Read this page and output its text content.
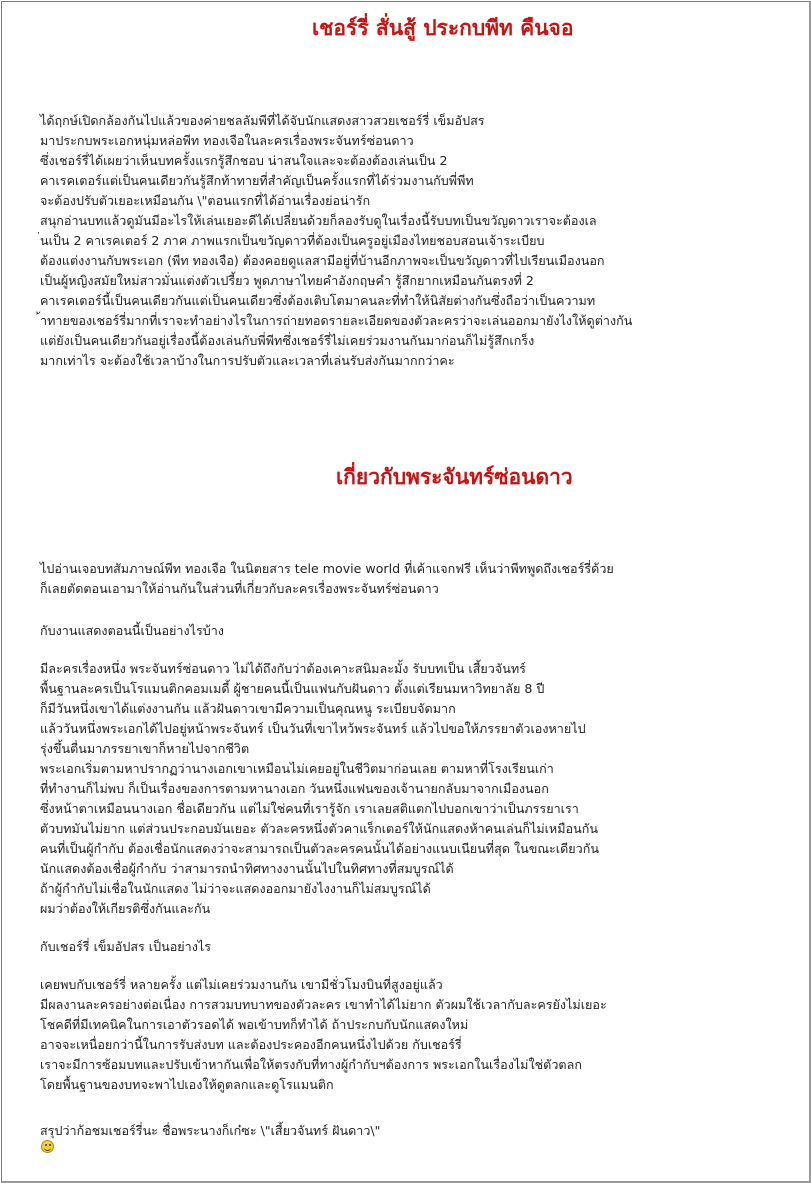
เชอร์รี่ สั่นสู้ ประกบพีท คืนจอ
ได้ฤกษ์เปิดกล้องกันไปแล้วของค่ายชลลัมพีที่ได้จับนักแสดงสาวสวยเชอร์รี่ เข็มอัปสร
มาประกบพระเอกหนุ่มหล่อพีท ทองเจือในละครเรื่องพระจันทร์ซ่อนดาว
ซึ่งเชอร์รี่ได้เผยว่าเห็นบทครั้งแรกรู้สึกชอบ น่าสนใจและจะต้องต้องเล่นเป็น 2
คาเรคเตอร์แต่เป็นคนเดียวกันรู้สึกท้าทายที่สำคัญเป็นครั้งแรกที่ได้ร่วมงานกับพี่พีท
จะต้องปรับตัวเยอะเหมือนกัน \"ตอนแรกที่ได้อ่านเรื่องย่อน่ารัก
สนุกอ่านบทแล้วดูมันมีอะไรให้เล่นเยอะดีได้เปลี่ยนด้วยก็ลองรับดูในเรื่องนี้รับบทเป็นขวัญดาวเราจะต้องเล
่นเป็น 2 คาเรคเตอร์ 2 ภาค ภาพแรกเป็นขวัญดาวที่ต้องเป็นครูอยู่เมืองไทยชอบสอนเจ้าระเบียบ
ต้องแต่งงานกับพระเอก (พีท ทองเจือ) ต้องคอยดูแลสามีอยู่ที่บ้านอีกภาพจะเป็นขวัญดาวที่ไปเรียนเมืองนอก
เป็นผู้หญิงสมัยใหม่สาวมั่นแต่งตัวเปรี้ยว พูดภาษาไทยคำอังกฤษคำ รู้สึกยากเหมือนกันตรงที่ 2
คาเรคเตอร์นี้เป็นคนเดียวกันแต่เป็นคนเดียวซึ่งต้องเติบโตมาคนละที่ทำให้นิสัยต่างกันซึ่งถือว่าเป็นความท
้าทายของเชอร์รี่มากที่เราจะทำอย่างไรในการถ่ายทอดรายละเอียดของตัวละครว่าจะเล่นออกมายังไงให้ดูต่างกัน
แต่ยังเป็นคนเดียวกันอยู่เรื่องนี้ต้องเล่นกับพี่พีทซึ่งเชอร์รี่ไม่เคยร่วมงานกันมาก่อนก็ไม่รู้สึกเกร็ง
มากเท่าไร จะต้องใช้เวลาบ้างในการปรับตัวและเวลาที่เล่นรับส่งกันมากกว่าคะ
เกี่ยวกับพระจันทร์ซ่อนดาว
ไปอ่านเจอบทสัมภาษณ์พีท ทองเจือ ในนิตยสาร tele movie world ที่เค้าแจกฟรี เห็นว่าพีทพูดถึงเชอร์รี่ด้วย
ก็เลยตัดตอนเอามาให้อ่านกันในส่วนที่เกี่ยวกับละครเรื่องพระจันทร์ซ่อนดาว
กับงานแสดงตอนนี้เป็นอย่างไรบ้าง
มีละครเรื่องหนึ่ง พระจันทร์ซ่อนดาว ไม่ได้ถึงกับว่าต้องเคาะสนิมละมั้ง รับบทเป็น เสี้ยวจันทร์
พื้นฐานละครเป็นโรแมนติกคอมเมดี้ ผู้ชายคนนี้เป็นแฟนกับฝันดาว ตั้งแต่เรียนมหาวิทยาลัย 8 ปี
ก็มีวันหนึ่งเขาได้แต่งงานกัน แล้วฝันดาวเขามีความเป็นคุณหนู ระเบียบจัดมาก
แล้ววันหนึ่งพระเอกได้ไปอยู่หน้าพระจันทร์ เป็นวันที่เขาไหว้พระจันทร์ แล้วไปขอให้ภรรยาตัวเองหายไป
รุ่งขึ้นตื่นมาภรรยาเขาก็หายไปจากชีวิต
พระเอกเริ่มตามหาปรากฏว่านางเอกเขาเหมือนไม่เคยอยู่ในชีวิตมาก่อนเลย ตามหาที่โรงเรียนเก่า
ที่ทำงานก็ไม่พบ ก็เป็นเรื่องของการตามหานางเอก วันหนึ่งแฟนของเจ้านายกลับมาจากเมืองนอก
ซึ่งหน้าตาเหมือนนางเอก ชื่อเดียวกัน แต่ไม่ใช่คนที่เรารู้จัก เราเลยสติแตกไปบอกเขาว่าเป็นภรรยาเรา
ตัวบทมันไม่ยาก แต่ส่วนประกอบมันเยอะ ตัวละครหนึ่งตัวคาแร็กเตอร์ให้นักแสดงห้าคนเล่นก็ไม่เหมือนกัน
คนที่เป็นผู้กำกับ ต้องเชื่อนักแสดงว่าจะสามารถเป็นตัวละครคนนั้นได้อย่างแนบเนียนที่สุด ในขณะเดียวกัน
นักแสดงต้องเชื่อผู้กำกับ ว่าสามารถนำทิศทางงานนั้นไปในทิศทางที่สมบูรณ์ได้
ถ้าผู้กำกับไม่เชื่อในนักแสดง ไม่ว่าจะแสดงออกมายังไงงานก็ไม่สมบูรณ์ได้
ผมว่าต้องให้เกียรติซึ่งกันและกัน
กับเชอร์รี่ เข็มอัปสร เป็นอย่างไร
เคยพบกับเชอร์รี่ หลายครั้ง แต่ไม่เคยร่วมงานกัน เขามีชั่วโมงบินที่สูงอยู่แล้ว
มีผลงานละครอย่างต่อเนื่อง การสวมบทบาทของตัวละคร เขาทำได้ไม่ยาก ตัวผมใช้เวลากับละครยังไม่เยอะ
โชคดีที่มีเทคนิคในการเอาตัวรอดได้ พอเข้าบทก็ทำได้ ถ้าประกบกับนักแสดงใหม่
อาจจะเหนื่อยกว่านี้ในการรับส่งบท และต้องประคองอีกคนหนึ่งไปด้วย กับเชอร์รี่
เราจะมีการซ้อมบทและปรับเข้าหากันเพื่อให้ตรงกับที่ทางผู้กำกับฯต้องการ พระเอกในเรื่องไม่ใช่ตัวตลก
โดยพื้นฐานของบทจะพาไปเองให้ดูตลกและดูโรแมนติก
สรุปว่าก้อชมเชอร์รี่นะ ชื่อพระนางก็เก๋ซะ \"เสี้ยวจันทร์ ฝันดาว\"
